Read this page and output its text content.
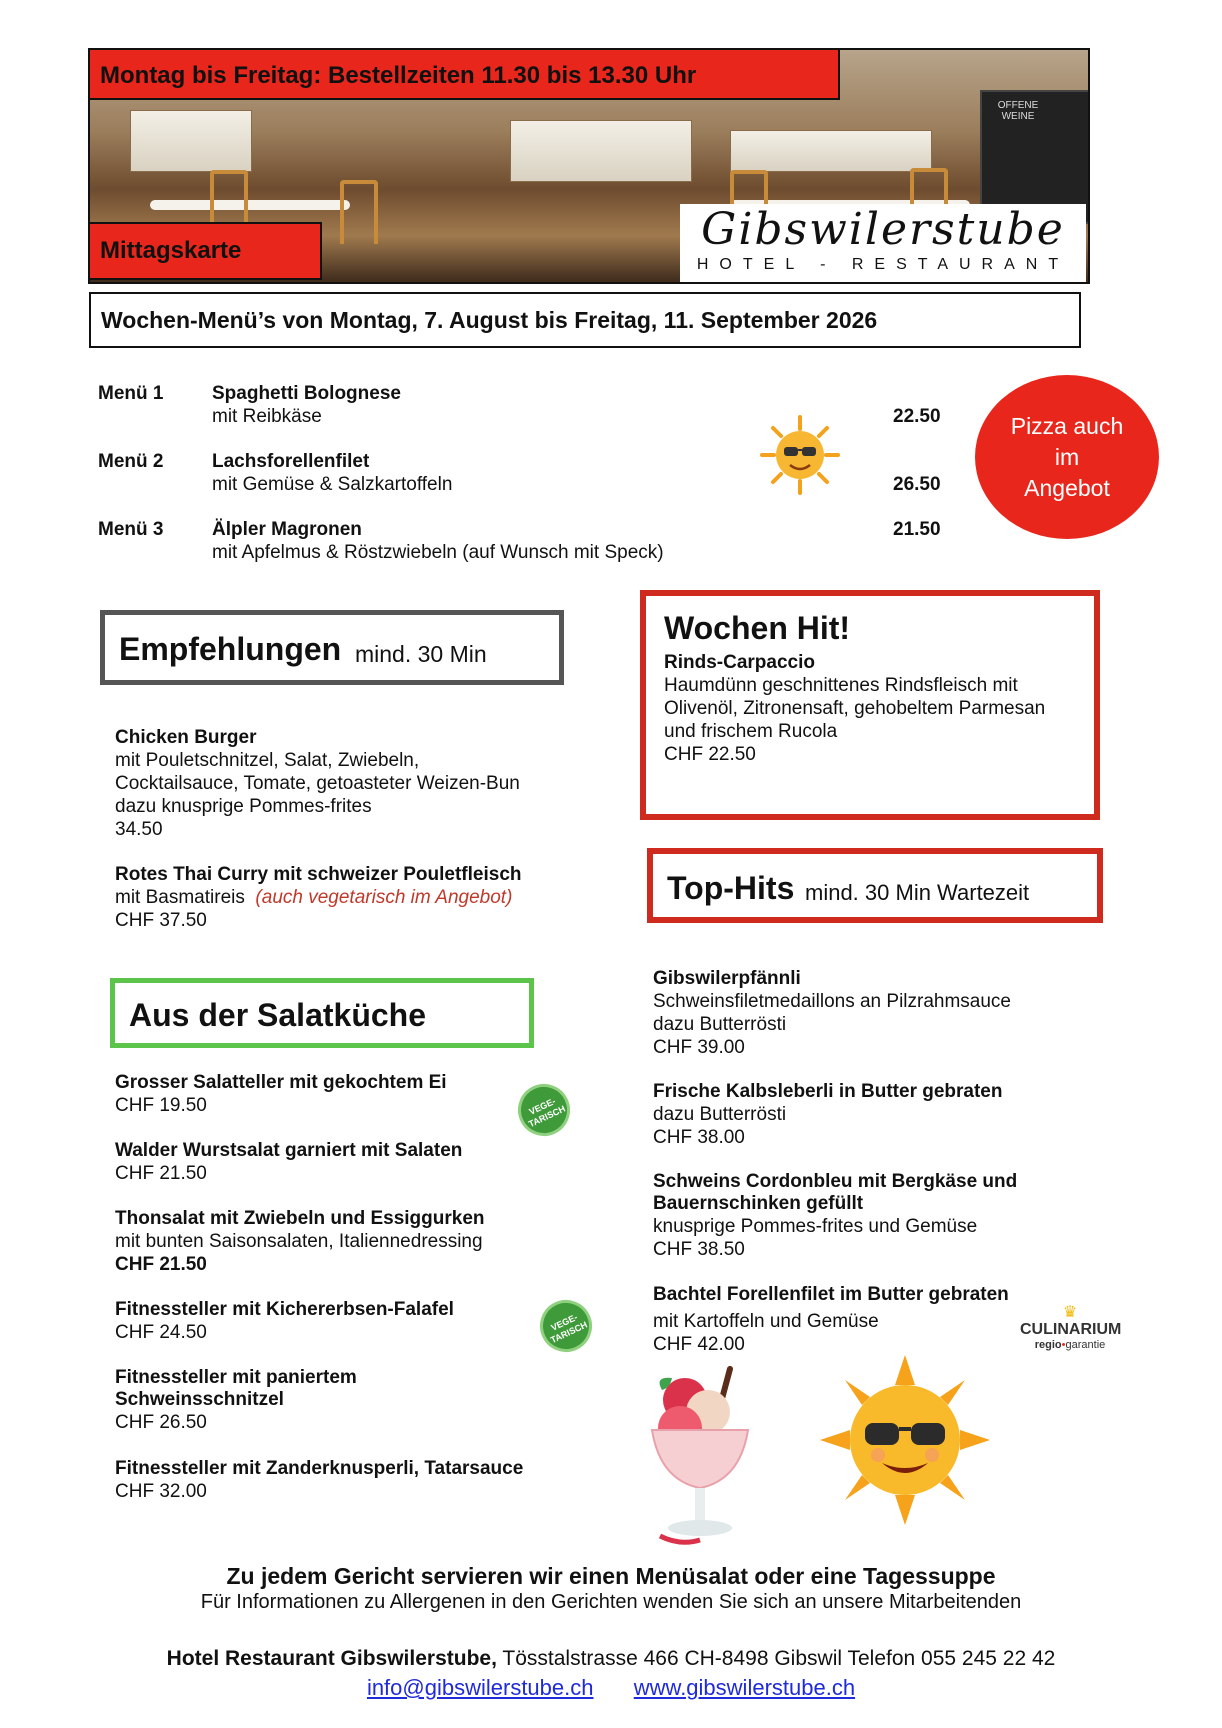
OFFENE WEINE
Montag bis Freitag: Bestellzeiten 11.30 bis 13.30 Uhr
Mittagskarte	Gibswilerstube
HOTEL - RESTAURANT
Wochen-Menü’s von Montag, 7. August bis Freitag, 11. September 2026
Menü 1	Spaghetti Bolognese
mit Reibkäse	22.50
Menü 2	Lachsforellenfilet
mit Gemüse & Salzkartoffeln	26.50
Menü 3	Älpler Magronen
mit Apfelmus & Röstzwiebeln (auf Wunsch mit Speck)
21.50
Pizza auch
im
Angebot
Empfehlungen mind. 30 Min
Chicken Burger
mit Pouletschnitzel, Salat, Zwiebeln,
Cocktailsauce, Tomate, getoasteter Weizen-Bun
dazu knusprige Pommes-frites
34.50
Rotes Thai Curry mit schweizer Pouletfleisch
mit Basmatireis (auch vegetarisch im Angebot)
CHF 37.50
Wochen Hit!
Rinds-Carpaccio
Haumdünn geschnittenes Rindsfleisch mit
Olivenöl, Zitronensaft, gehobeltem Parmesan
und frischem Rucola
CHF 22.50
Top-Hits mind. 30 Min Wartezeit
Gibswilerpfännli
Schweinsfiletmedaillons an Pilzrahmsauce
dazu Butterrösti
CHF 39.00
Frische Kalbsleberli in Butter gebraten
dazu Butterrösti
CHF 38.00
Schweins Cordonbleu mit Bergkäse und
Bauernschinken gefüllt
knusprige Pommes-frites und Gemüse
CHF 38.50
Bachtel Forellenfilet im Butter gebraten
mit Kartoffeln und Gemüse
CHF 42.00
♛
CULINARIUM
regio•garantie
Aus der Salatküche
Grosser Salatteller mit gekochtem Ei
CHF 19.50
Walder Wurstsalat garniert mit Salaten
CHF 21.50
Thonsalat mit Zwiebeln und Essiggurken
mit bunten Saisonsalaten, Italiennedressing
CHF 21.50
Fitnessteller mit Kichererbsen-Falafel
CHF 24.50
Fitnessteller mit paniertem
Schweinsschnitzel
CHF 26.50
Fitnessteller mit Zanderknusperli, Tatarsauce
CHF 32.00
VEGE-TARISCH
VEGE-TARISCH
Zu jedem Gericht servieren wir einen Menüsalat oder eine Tagessuppe
Für Informationen zu Allergenen in den Gerichten wenden Sie sich an unsere Mitarbeitenden
Hotel Restaurant Gibswilerstube, Tösstalstrasse 466 CH-8498 Gibswil Telefon 055 245 22 42
info@gibswilerstube.ch www.gibswilerstube.ch
